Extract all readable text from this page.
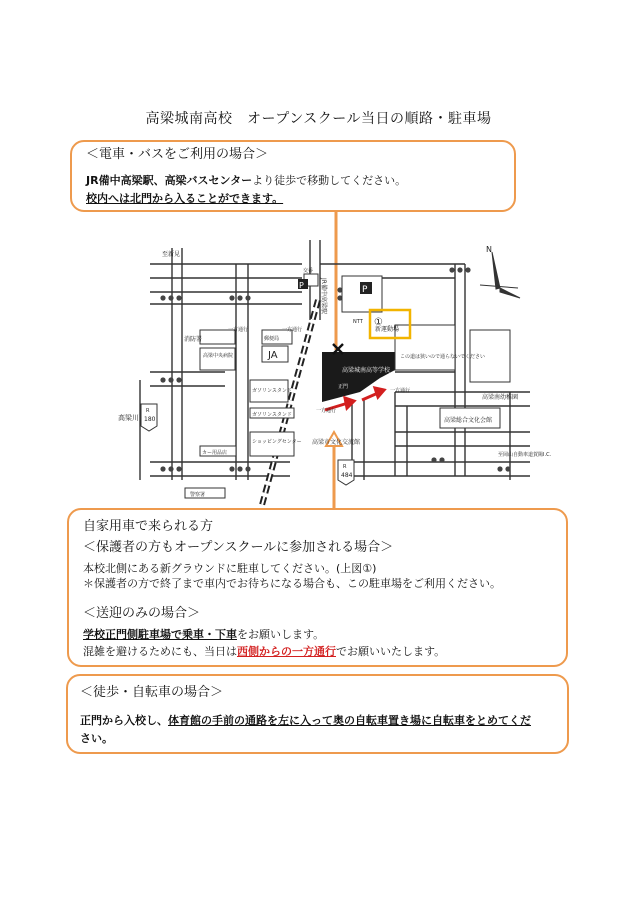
至新見
JR備中高梁駅
交番
NTT
新運動場
①
一方通行	一方通行
消防署
高梁中央病院
郵便局
JA
ガソリンスタンド
ガソリンスタンド
高梁城南高等学校
正門
この道は狭いので通らないでください
一方通行
一方通行
高梁南幼稚園
高梁総合文化会館
高梁市文化交流館
ショッピングセンター
カー用品店
警察署
R
180
R
484
高梁川
至岡山自動車道賀陽I.C.
P	P
N
高梁城南高校　オープンスクール当日の順路・駐車場
＜電車・バスをご利用の場合＞
JR備中高梁駅、高梁バスセンターより徒歩で移動してください。
校内へは北門から入ることができます。
自家用車で来られる方
＜保護者の方もオープンスクールに参加される場合＞
本校北側にある新グラウンドに駐車してください。(上図①)
＊保護者の方で終了まで車内でお待ちになる場合も、この駐車場をご利用ください。
＜送迎のみの場合＞
学校正門側駐車場で乗車・下車をお願いします。
混雑を避けるためにも、当日は西側からの一方通行でお願いいたします。
＜徒歩・自転車の場合＞
正門から入校し、体育館の手前の通路を左に入って奥の自転車置き場に自転車をとめてくだ
さい。
